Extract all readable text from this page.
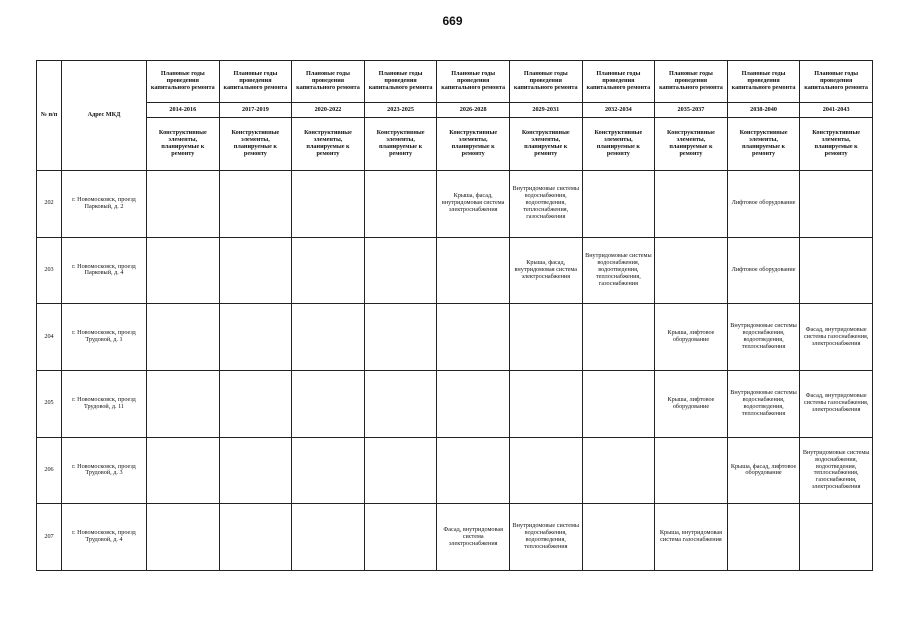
669
№ п/п	Адрес МКД	Плановые годы проведения капитального ремонта	Плановые годы проведения капитального ремонта	Плановые годы проведения капитального ремонта	Плановые годы проведения капитального ремонта	Плановые годы проведения капитального ремонта	Плановые годы проведения капитального ремонта	Плановые годы проведения капитального ремонта	Плановые годы проведения капитального ремонта	Плановые годы проведения капитального ремонта	Плановые годы проведения капитального ремонта
		2014-2016	2017-2019	2020-2022	2023-2025	2026-2028	2029-2031	2032-2034	2035-2037	2038-2040	2041-2043
		Конструктивные элементы, планируемые к ремонту	Конструктивные элементы, планируемые к ремонту	Конструктивные элементы, планируемые к ремонту	Конструктивные элементы, планируемые к ремонту	Конструктивные элементы, планируемые к ремонту	Конструктивные элементы, планируемые к ремонту	Конструктивные элементы, планируемые к ремонту	Конструктивные элементы, планируемые к ремонту	Конструктивные элементы, планируемые к ремонту	Конструктивные элементы, планируемые к ремонту
202	г. Новомосковск, проезд Парковый, д. 2					Крыша, фасад, внутридомовая система электроснабжения	Внутридомовые системы водоснабжения, водоотведения, теплоснабжения, газоснабжения			Лифтовое оборудование	
203	г. Новомосковск, проезд Парковый, д. 4						Крыша, фасад, внутридомовая система электроснабжения	Внутридомовые системы водоснабжения, водоотведения, теплоснабжения, газоснабжения		Лифтовое оборудование	
204	г. Новомосковск, проезд Трудовой, д. 1								Крыша, лифтовое оборудование	Внутридомовые системы водоснабжения, водоотведения, теплоснабжения	Фасад, внутридомовые системы газоснабжения, электроснабжения
205	г. Новомосковск, проезд Трудовой, д. 11								Крыша, лифтовое оборудование	Внутридомовые системы водоснабжения, водоотведения, теплоснабжения	Фасад, внутридомовые системы газоснабжения, электроснабжения
206	г. Новомосковск, проезд Трудовой, д. 3									Крыша, фасад, лифтовое оборудование	Внутридомовые системы водоснабжения, водоотведения, теплоснабжения, газоснабжения, электроснабжения
207	г. Новомосковск, проезд Трудовой, д. 4					Фасад, внутридомовая система электроснабжения	Внутридомовые системы водоснабжения, водоотведения, теплоснабжения		Крыша, внутридомовая система газоснабжения		
